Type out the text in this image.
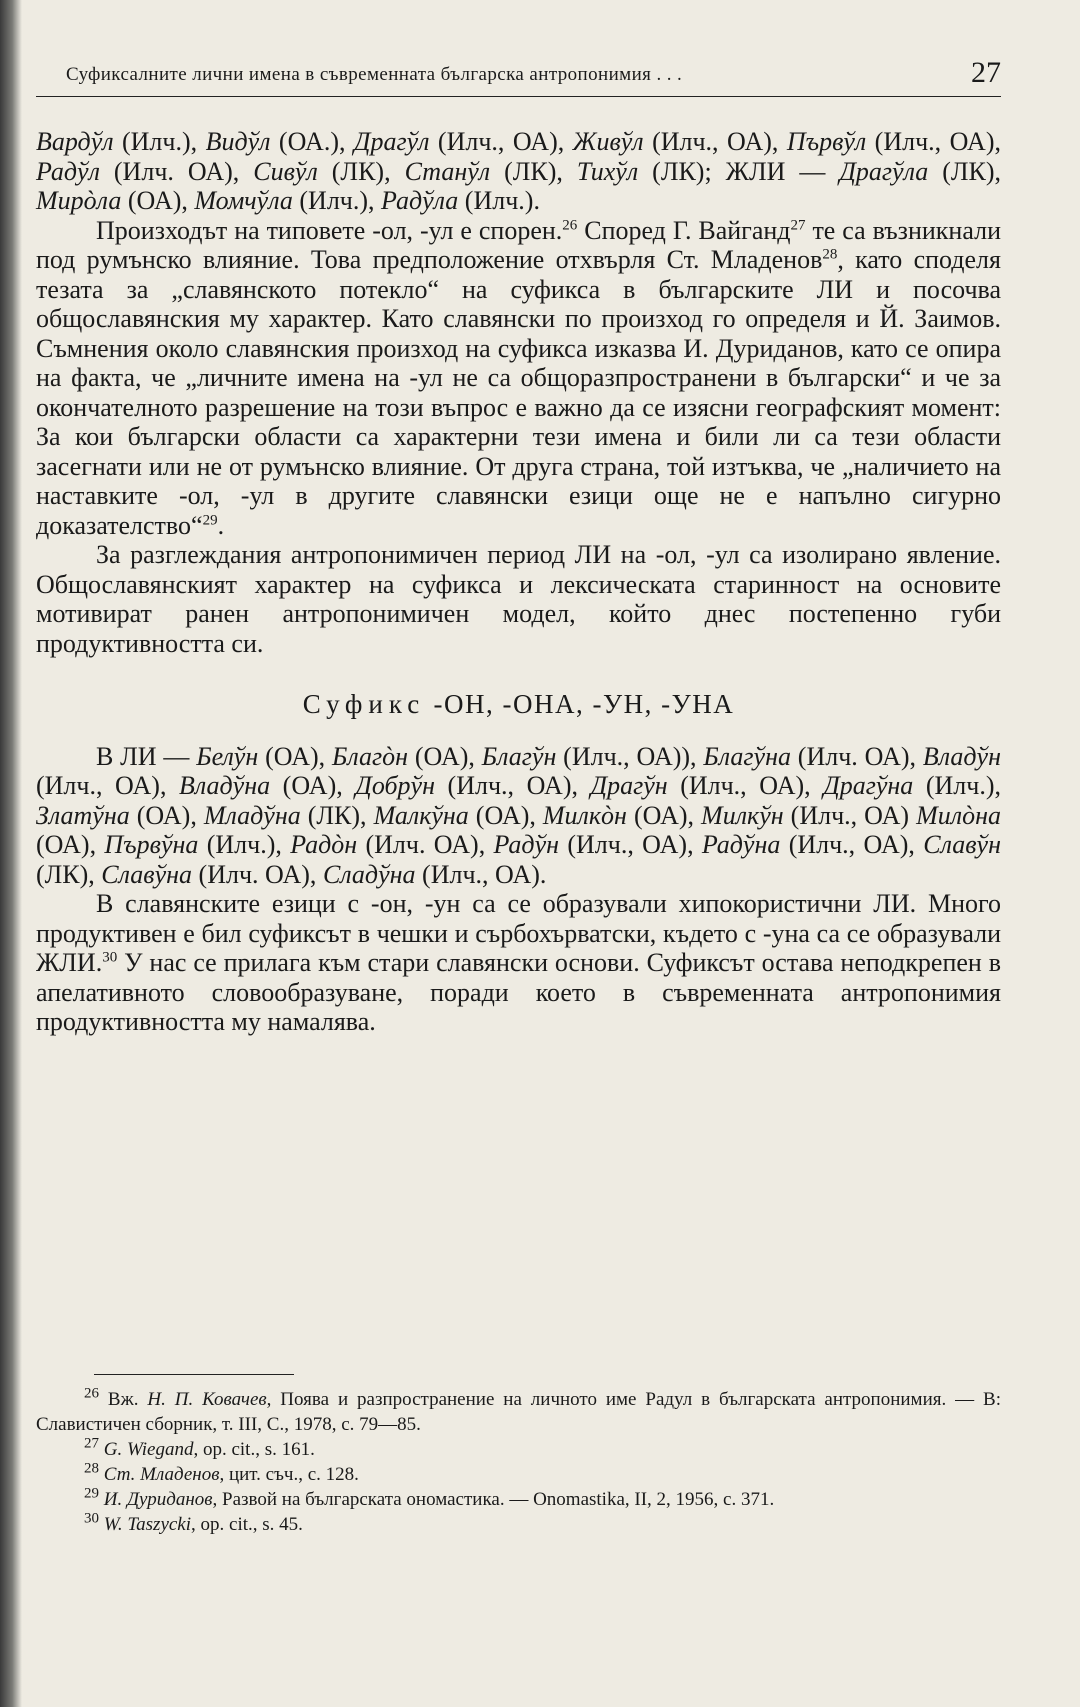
Суфиксалните лични имена в съвременната българска антропонимия . . .	27

Вардўл (Илч.), Видўл (ОА.), Драгўл (Илч., ОА), Живўл (Илч., ОА), Първўл (Илч., ОА), Радўл (Илч. ОА), Сивўл (ЛК), Станўл (ЛК), Тихўл (ЛК); ЖЛИ — Драгўла (ЛК), Мирòла (ОА), Момчўла (Илч.), Радўла (Илч.).

Произходът на типовете -ол, -ул е спорен.$^{26}$ Според Г. Вайганд$^{27}$ те са възникнали под румънско влияние. Това предположение отхвърля Ст. Младенов$^{28}$, като споделя тезата за „славянското потекло“ на суфикса в българските ЛИ и посочва общославянския му характер. Като славянски по произход го определя и Й. Заимов. Съмнения около славянския произход на суфикса изказва И. Дуриданов, като се опира на факта, че „личните имена на -ул не са общоразпространени в български“ и че за окончателното разрешение на този въпрос е важно да се изясни географският момент: За кои български области са характерни тези имена и били ли са тези области засегнати или не от румънско влияние. От друга страна, той изтъква, че „наличието на наставките -ол, -ул в другите славянски езици още не е напълно сигурно доказателство“$^{29}$.

За разглеждания антропонимичен период ЛИ на -ол, -ул са изолирано явление. Общославянският характер на суфикса и лексическата старинност на основите мотивират ранен антропонимичен модел, който днес постепенно губи продуктивността си.

Суфикс -ОН, -ОНА, -УН, -УНА

В ЛИ — Белўн (ОА), Благòн (ОА), Благўн (Илч., ОА)), Благўна (Илч. ОА), Владўн (Илч., ОА), Владўна (ОА), Добрўн (Илч., ОА), Драгўн (Илч., ОА), Драгўна (Илч.), Златўна (ОА), Младўна (ЛК), Малкўна (ОА), Милкòн (ОА), Милкўн (Илч., ОА) Милòна (ОА), Първўна (Илч.), Радòн (Илч. ОА), Радўн (Илч., ОА), Радўна (Илч., ОА), Славўн (ЛК), Славўна (Илч. ОА), Сладўна (Илч., ОА).

В славянските езици с -он, -ун са се образували хипокористични ЛИ. Много продуктивен е бил суфиксът в чешки и сърбохърватски, където с -уна са се образували ЖЛИ.$^{30}$ У нас се прилага към стари славянски основи. Суфиксът остава неподкрепен в апелативното словообразуване, поради което в съвременната антропонимия продуктивността му намалява.

$^{26}$ Вж. Н. П. Ковачев, Поява и разпространение на личното име Радул в българската антропонимия. — В: Славистичен сборник, т. III, С., 1978, с. 79—85.

$^{27}$ G. Wiegand, op. cit., s. 161.

$^{28}$ Ст. Младенов, цит. съч., с. 128.

$^{29}$ И. Дуриданов, Развой на българската ономастика. — Onomastika, II, 2, 1956, с. 371.

$^{30}$ W. Taszycki, op. cit., s. 45.
